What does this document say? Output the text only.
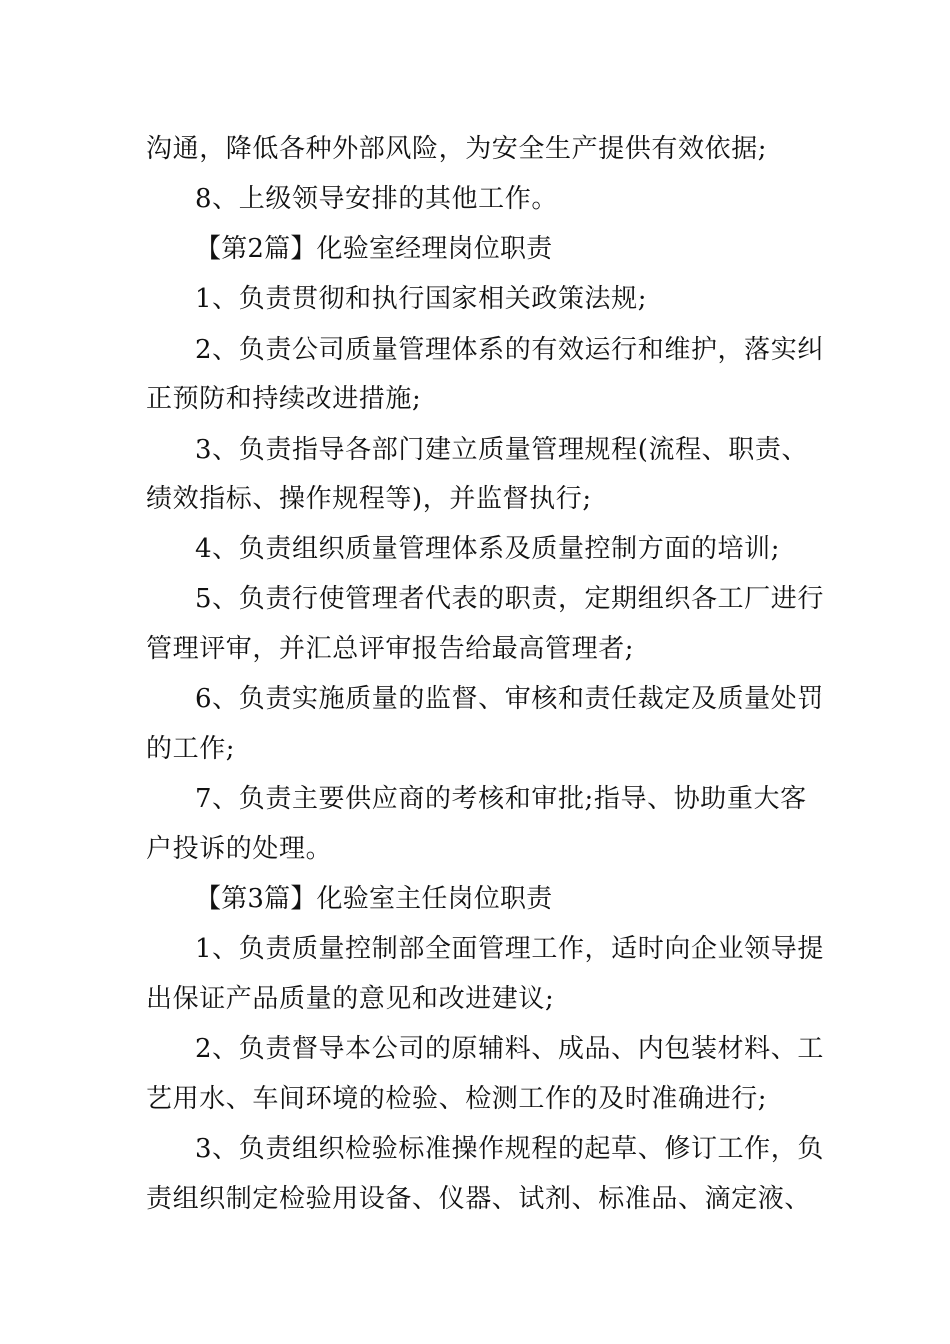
沟通，降低各种外部风险，为安全生产提供有效依据;
8、上级领导安排的其他工作。
【第2篇】化验室经理岗位职责
1、负责贯彻和执行国家相关政策法规;
2、负责公司质量管理体系的有效运行和维护，落实纠
正预防和持续改进措施;
3、负责指导各部门建立质量管理规程(流程、职责、
绩效指标、操作规程等)，并监督执行;
4、负责组织质量管理体系及质量控制方面的培训;
5、负责行使管理者代表的职责，定期组织各工厂进行
管理评审，并汇总评审报告给最高管理者;
6、负责实施质量的监督、审核和责任裁定及质量处罚
的工作;
7、负责主要供应商的考核和审批;指导、协助重大客
户投诉的处理。
【第3篇】化验室主任岗位职责
1、负责质量控制部全面管理工作，适时向企业领导提
出保证产品质量的意见和改进建议;
2、负责督导本公司的原辅料、成品、内包装材料、工
艺用水、车间环境的检验、检测工作的及时准确进行;
3、负责组织检验标准操作规程的起草、修订工作，负
责组织制定检验用设备、仪器、试剂、标准品、滴定液、
